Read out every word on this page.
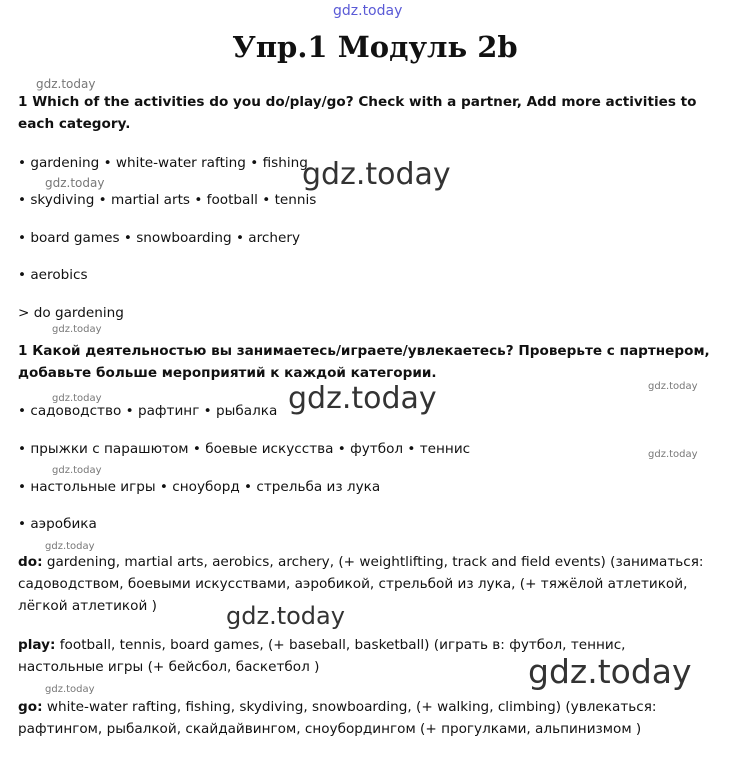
gdz.today
Упр.1 Модуль 2b
gdz.today
1 Which of the activities do you do/play/go? Check with a partner, Add more activities to each category.
• gardening • white-water rafting • fishing
gdz.today
gdz.today
• skydiving • martial arts • football • tennis
• board games • snowboarding • archery
• aerobics
> do gardening
gdz.today
1 Какой деятельностью вы занимаетесь/играете/увлекаетесь? Проверьте с партнером, добавьте больше мероприятий к каждой категории.
gdz.today
gdz.today
• садоводство • рафтинг • рыбалка gdz.today
• прыжки с парашютом • боевые искусства • футбол • теннис	gdz.today
gdz.today
• настольные игры • сноуборд • стрельба из лука
• аэробика
gdz.today
do: gardening, martial arts, aerobics, archery, (+ weightlifting, track and field events) (заниматься: садоводством, боевыми искусствами, аэробикой, стрельбой из лука, (+ тяжёлой атлетикой, лёгкой атлетикой )	gdz.today
play: football, tennis, board games, (+ baseball, basketball) (играть в: футбол, теннис, настольные игры (+ бейсбол, баскетбол )	gdz.today
gdz.today
go: white-water rafting, fishing, skydiving, snowboarding, (+ walking, climbing) (увлекаться: рафтингом, рыбалкой, скайдайвингом, сноубордингом (+ прогулками, альпинизмом )
